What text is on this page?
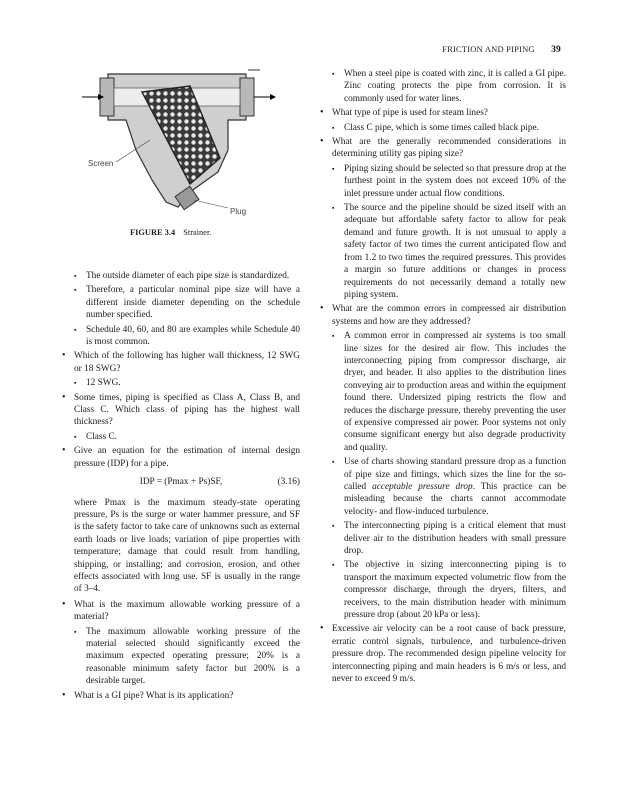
FRICTION AND PIPING 39
Screen
Plug
FIGURE 3.4 Strainer.
▪ The outside diameter of each pipe size is standardized.
▪ Therefore, a particular nominal pipe size will have a different inside diameter depending on the schedule number specified.
▪ Schedule 40, 60, and 80 are examples while Schedule 40 is most common.
• Which of the following has higher wall thickness, 12 SWG or 18 SWG?
▪ 12 SWG.
• Some times, piping is specified as Class A, Class B, and Class C. Which class of piping has the highest wall thickness?
▪ Class C.
• Give an equation for the estimation of internal design pressure (IDP) for a pipe.
IDP = (Pmax + Ps)SF,	(3.16)
where Pmax is the maximum steady-state operating pressure, Ps is the surge or water hammer pressure, and SF is the safety factor to take care of unknowns such as external earth loads or live loads; variation of pipe properties with temperature; damage that could result from handling, shipping, or installing; and corrosion, erosion, and other effects associated with long use. SF is usually in the range of 3–4.
• What is the maximum allowable working pressure of a material?
▪ The maximum allowable working pressure of the material selected should significantly exceed the maximum expected operating pressure; 20% is a reasonable minimum safety factor but 200% is a desirable target.
• What is a GI pipe? What is its application?
▪ When a steel pipe is coated with zinc, it is called a GI pipe. Zinc coating protects the pipe from corrosion. It is commonly used for water lines.
• What type of pipe is used for steam lines?
▪ Class C pipe, which is some times called black pipe.
• What are the generally recommended considerations in determining utility gas piping size?
▪ Piping sizing should be selected so that pressure drop at the furthest point in the system does not exceed 10% of the inlet pressure under actual flow conditions.
▪ The source and the pipeline should be sized itself with an adequate but affordable safety factor to allow for peak demand and future growth. It is not unusual to apply a safety factor of two times the current anticipated flow and from 1.2 to two times the required pressures. This provides a margin so future additions or changes in process requirements do not necessarily demand a totally new piping system.
• What are the common errors in compressed air distribution systems and how are they addressed?
▪ A common error in compressed air systems is too small line sizes for the desired air flow. This includes the interconnecting piping from compressor discharge, air dryer, and header. It also applies to the distribution lines conveying air to production areas and within the equipment found there. Undersized piping restricts the flow and reduces the discharge pressure, thereby preventing the user of expensive compressed air power. Poor systems not only consume significant energy but also degrade productivity and quality.
▪ Use of charts showing standard pressure drop as a function of pipe size and fittings, which sizes the line for the so-called acceptable pressure drop. This practice can be misleading because the charts cannot accommodate velocity- and flow-induced turbulence.
▪ The interconnecting piping is a critical element that must deliver air to the distribution headers with small pressure drop.
▪ The objective in sizing interconnecting piping is to transport the maximum expected volumetric flow from the compressor discharge, through the dryers, filters, and receivers, to the main distribution header with minimum pressure drop (about 20 kPa or less).
• Excessive air velocity can be a root cause of back pressure, erratic control signals, turbulence, and turbulence-driven pressure drop. The recommended design pipeline velocity for interconnecting piping and main headers is 6 m/s or less, and never to exceed 9 m/s.
